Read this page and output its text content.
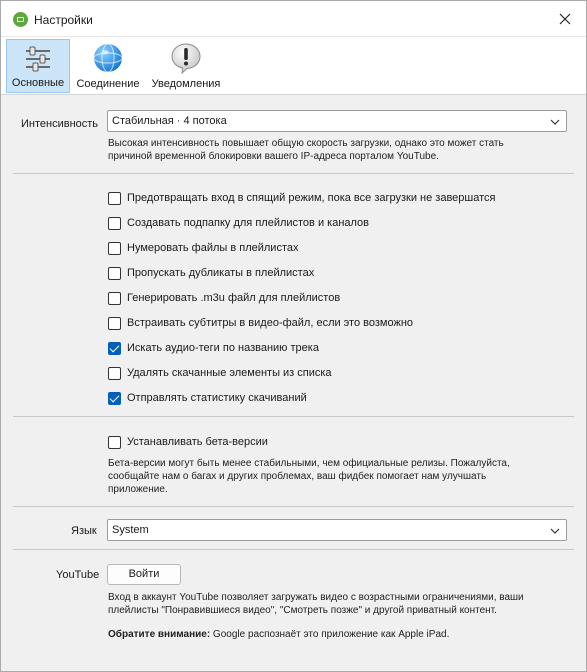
Настройки
Основные	Соединение	Уведомления
Интенсивность	Стабильная · 4 потока
Высокая интенсивность повышает общую скорость загрузки, однако это может стать
причиной временной блокировки вашего IP-адреса порталом YouTube.
Предотвращать вход в спящий режим, пока все загрузки не завершатся
Создавать подпапку для плейлистов и каналов
Нумеровать файлы в плейлистах
Пропускать дубликаты в плейлистах
Генерировать .m3u файл для плейлистов
Встраивать субтитры в видео-файл, если это возможно
Искать аудио-теги по названию трека
Удалять скачанные элементы из списка
Отправлять статистику скачиваний
Устанавливать бета-версии
Бета-версии могут быть менее стабильными, чем официальные релизы. Пожалуйста,
сообщайте нам о багах и других проблемах, ваш фидбек помогает нам улучшать
приложение.
Язык	System
YouTube	Войти
Вход в аккаунт YouTube позволяет загружать видео с возрастными ограничениями, ваши
плейлисты "Понравившиеся видео", "Смотреть позже" и другой приватный контент.
Обратите внимание: Google распознаёт это приложение как Apple iPad.
